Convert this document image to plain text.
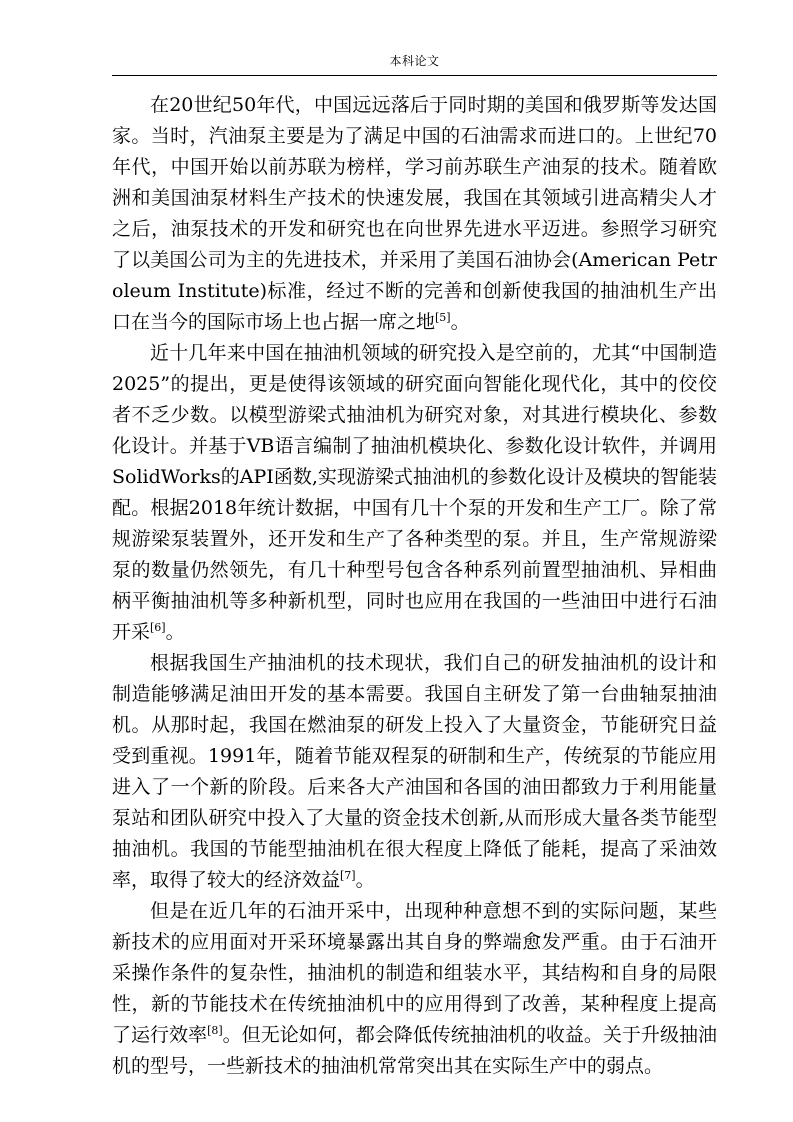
本科论文

在20世纪50年代，中国远远落后于同时期的美国和俄罗斯等发达国家。当时，汽油泵主要是为了满足中国的石油需求而进口的。上世纪70年代，中国开始以前苏联为榜样，学习前苏联生产油泵的技术。随着欧洲和美国油泵材料生产技术的快速发展，我国在其领域引进高精尖人才之后，油泵技术的开发和研究也在向世界先进水平迈进。参照学习研究了以美国公司为主的先进技术，并采用了美国石油协会(American Petroleum Institute)标准，经过不断的完善和创新使我国的抽油机生产出口在当今的国际市场上也占据一席之地[5]。

近十几年来中国在抽油机领域的研究投入是空前的，尤其“中国制造2025”的提出，更是使得该领域的研究面向智能化现代化，其中的佼佼者不乏少数。以模型游梁式抽油机为研究对象，对其进行模块化、参数化设计。并基于VB语言编制了抽油机模块化、参数化设计软件，并调用SolidWorks的API函数,实现游梁式抽油机的参数化设计及模块的智能装配。根据2018年统计数据，中国有几十个泵的开发和生产工厂。除了常规游梁泵装置外，还开发和生产了各种类型的泵。并且，生产常规游梁泵的数量仍然领先，有几十种型号包含各种系列前置型抽油机、异相曲柄平衡抽油机等多种新机型，同时也应用在我国的一些油田中进行石油开采[6]。

根据我国生产抽油机的技术现状，我们自己的研发抽油机的设计和制造能够满足油田开发的基本需要。我国自主研发了第一台曲轴泵抽油机。从那时起，我国在燃油泵的研发上投入了大量资金，节能研究日益受到重视。1991年，随着节能双程泵的研制和生产，传统泵的节能应用进入了一个新的阶段。后来各大产油国和各国的油田都致力于利用能量泵站和团队研究中投入了大量的资金技术创新,从而形成大量各类节能型抽油机。我国的节能型抽油机在很大程度上降低了能耗，提高了采油效率，取得了较大的经济效益[7]。

但是在近几年的石油开采中，出现种种意想不到的实际问题，某些新技术的应用面对开采环境暴露出其自身的弊端愈发严重。由于石油开采操作条件的复杂性，抽油机的制造和组装水平，其结构和自身的局限性，新的节能技术在传统抽油机中的应用得到了改善，某种程度上提高了运行效率[8]。但无论如何，都会降低传统抽油机的收益。关于升级抽油机的型号，一些新技术的抽油机常常突出其在实际生产中的弱点。
